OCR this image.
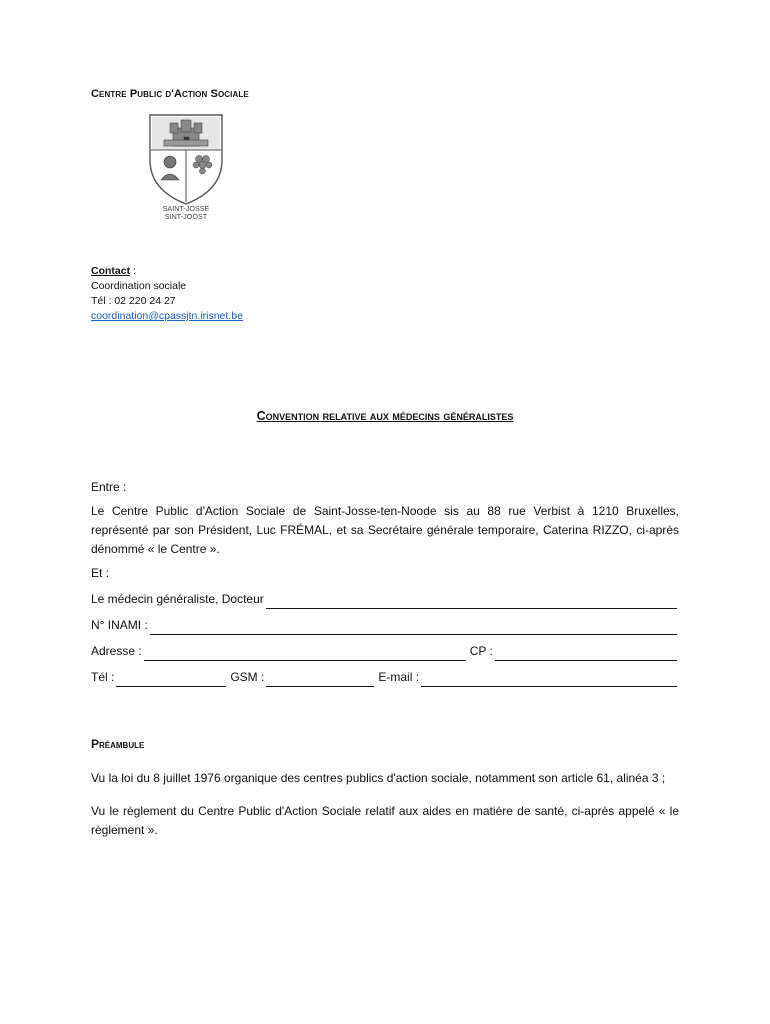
Centre Public d'Action Sociale
SAINT-JOSSE
SINT-JOOST
Contact :
Coordination sociale
Tél : 02 220 24 27
coordination@cpassjtn.irisnet.be
Convention relative aux médecins généralistes
Entre :
Le Centre Public d'Action Sociale de Saint-Josse-ten-Noode sis au 88 rue Verbist à 1210 Bruxelles, représenté par son Président, Luc FRÉMAL, et sa Secrétaire générale temporaire, Caterina RIZZO, ci-après dénommé « le Centre ».
Et :
Le médecin généraliste, Docteur
N° INAMI :
Adresse :	CP :
Tél :	GSM :	E-mail :
Préambule
Vu la loi du 8 juillet 1976 organique des centres publics d'action sociale, notamment son article 61, alinéa 3 ;
Vu le règlement du Centre Public d'Action Sociale relatif aux aides en matière de santé, ci-après appelé « le règlement ».
